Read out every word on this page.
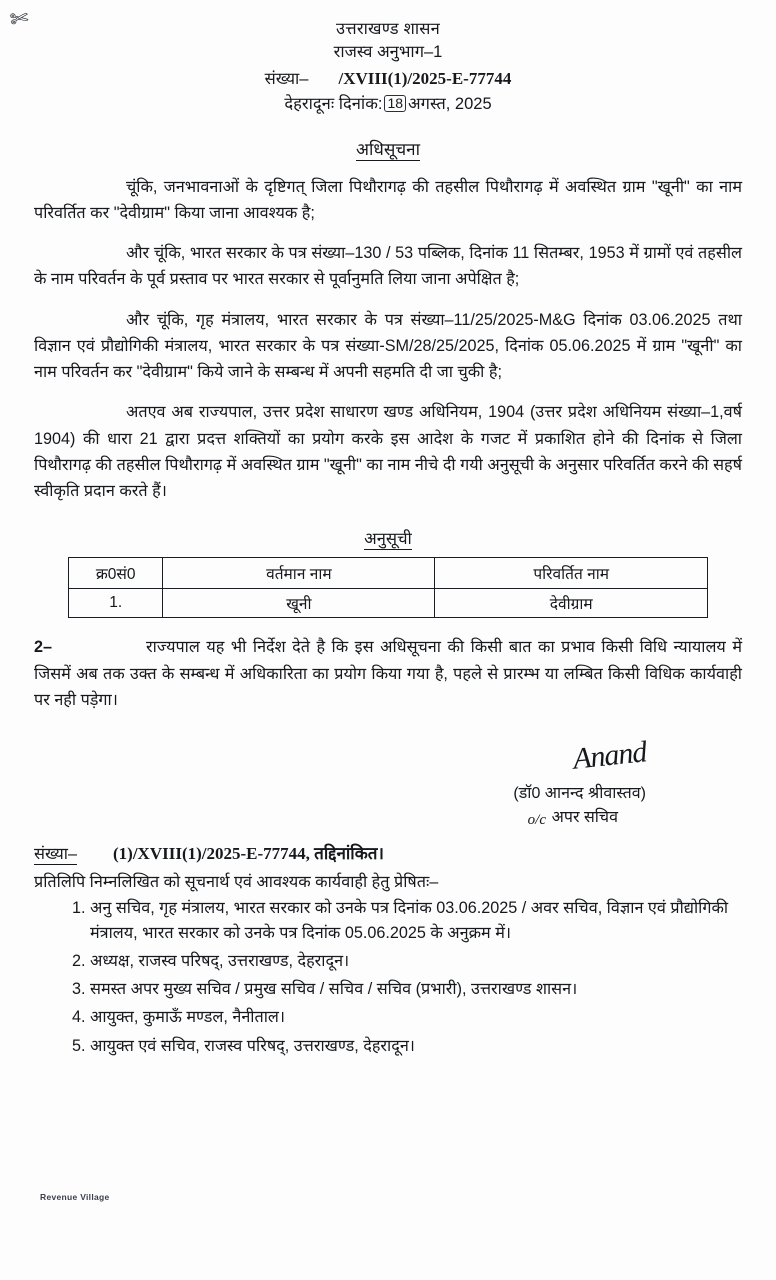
✄	उत्तराखण्ड शासन
राजस्व अनुभाग–1
संख्या– /XVIII(1)/2025-E-77744
देहरादूनः दिनांक: 18 अगस्त, 2025
अधिसूचना

चूंकि, जनभावनाओं के दृष्टिगत् जिला पिथौरागढ़ की तहसील पिथौरागढ़ में अवस्थित ग्राम "खूनी" का नाम परिवर्तित कर "देवीग्राम" किया जाना आवश्यक है;

और चूंकि, भारत सरकार के पत्र संख्या–130 / 53 पब्लिक, दिनांक 11 सितम्बर, 1953 में ग्रामों एवं तहसील के नाम परिवर्तन के पूर्व प्रस्ताव पर भारत सरकार से पूर्वानुमति लिया जाना अपेक्षित है;

और चूंकि, गृह मंत्रालय, भारत सरकार के पत्र संख्या–11/25/2025-M&G दिनांक 03.06.2025 तथा विज्ञान एवं प्रौद्योगिकी मंत्रालय, भारत सरकार के पत्र संख्या-SM/28/25/2025, दिनांक 05.06.2025 में ग्राम "खूनी" का नाम परिवर्तन कर "देवीग्राम" किये जाने के सम्बन्ध में अपनी सहमति दी जा चुकी है;

अतएव अब राज्यपाल, उत्तर प्रदेश साधारण खण्ड अधिनियम, 1904 (उत्तर प्रदेश अधिनियम संख्या–1,वर्ष 1904) की धारा 21 द्वारा प्रदत्त शक्तियों का प्रयोग करके इस आदेश के गजट में प्रकाशित होने की दिनांक से जिला पिथौरागढ़ की तहसील पिथौरागढ़ में अवस्थित ग्राम "खूनी" का नाम नीचे दी गयी अनुसूची के अनुसार परिवर्तित करने की सहर्ष स्वीकृति प्रदान करते हैं।

अनुसूची
क्र0सं0	वर्तमान नाम	परिवर्तित नाम
1.	खूनी	देवीग्राम
2–	राज्यपाल यह भी निर्देश देते है कि इस अधिसूचना की किसी बात का प्रभाव किसी विधि न्यायालय में जिसमें अब तक उक्त के सम्बन्ध में अधिकारिता का प्रयोग किया गया है, पहले से प्रारम्भ या लम्बित किसी विधिक कार्यवाही पर नही पड़ेगा।
Anand
(डॉ0 आनन्द श्रीवास्तव)
अपर सचिव
o/c
संख्या– (1)/XVIII(1)/2025-E-77744, तद्दिनांकित।
प्रतिलिपि निम्नलिखित को सूचनार्थ एवं आवश्यक कार्यवाही हेतु प्रेषितः–
1. अनु सचिव, गृह मंत्रालय, भारत सरकार को उनके पत्र दिनांक 03.06.2025 / अवर सचिव, विज्ञान एवं प्रौद्योगिकी मंत्रालय, भारत सरकार को उनके पत्र दिनांक 05.06.2025 के अनुक्रम में।
2. अध्यक्ष, राजस्व परिषद्, उत्तराखण्ड, देहरादून।
3. समस्त अपर मुख्य सचिव / प्रमुख सचिव / सचिव / सचिव (प्रभारी), उत्तराखण्ड शासन।
4. आयुक्त, कुमाऊँ मण्डल, नैनीताल।
5. आयुक्त एवं सचिव, राजस्व परिषद्, उत्तराखण्ड, देहरादून।
Revenue Village
